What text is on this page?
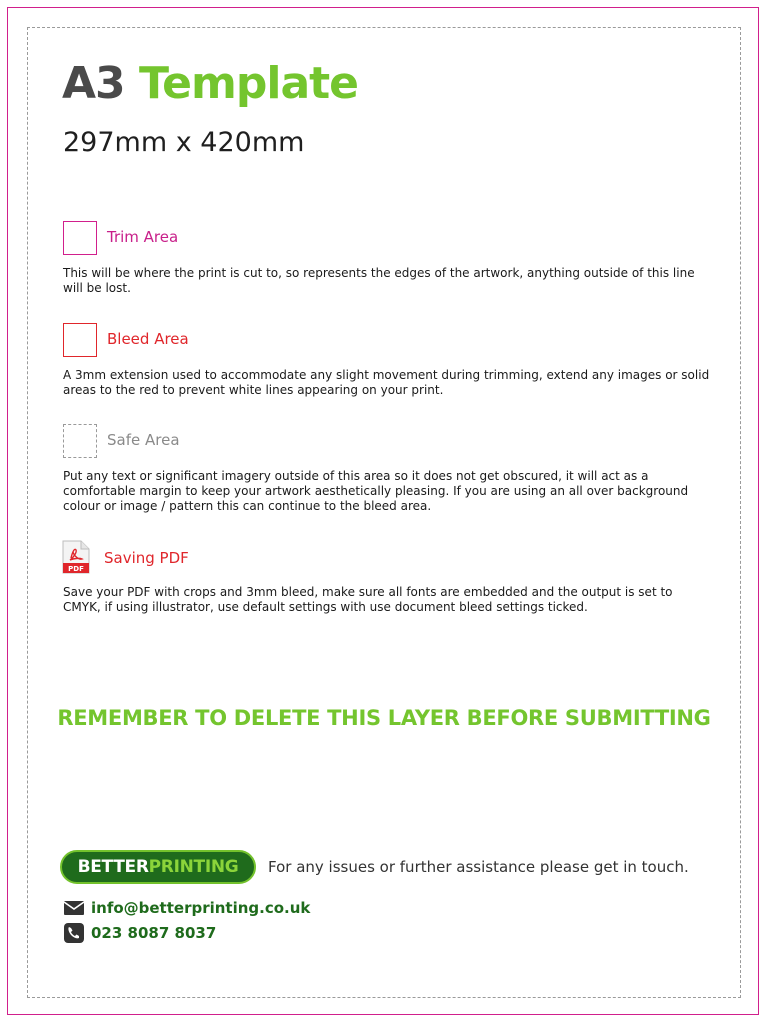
A3 Template
297mm x 420mm
Trim Area

This will be where the print is cut to, so represents the edges of the artwork, anything outside of this line will be lost.

Bleed Area

A 3mm extension used to accommodate any slight movement during trimming, extend any images or solid areas to the red to prevent white lines appearing on your print.

Safe Area

Put any text or significant imagery outside of this area so it does not get obscured, it will act as a comfortable margin to keep your artwork aesthetically pleasing. If you are using an all over background colour or image / pattern this can continue to the bleed area.

PDF
Saving PDF

Save your PDF with crops and 3mm bleed, make sure all fonts are embedded and the output is set to CMYK, if using illustrator, use default settings with use document bleed settings ticked.

REMEMBER TO DELETE THIS LAYER BEFORE SUBMITTING
BETTERPRINTING For any issues or further assistance please get in touch.
info@betterprinting.co.uk
023 8087 8037
